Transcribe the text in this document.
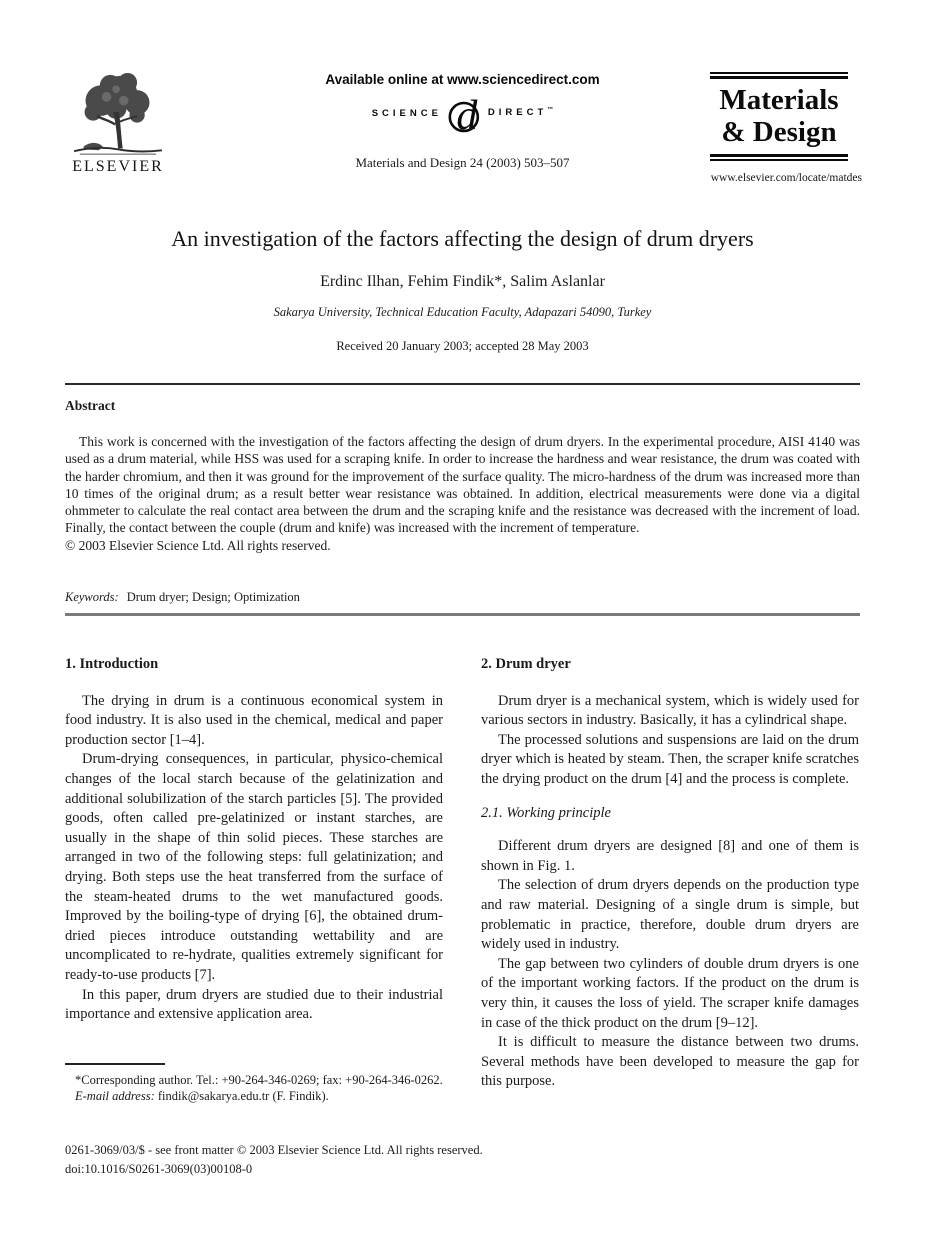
ELSEVIER
Available online at www.sciencedirect.com
SCIENCE d DIRECT™
Materials and Design 24 (2003) 503–507
Materials
& Design
www.elsevier.com/locate/matdes
An investigation of the factors affecting the design of drum dryers
Erdinc Ilhan, Fehim Findik*, Salim Aslanlar
Sakarya University, Technical Education Faculty, Adapazari 54090, Turkey
Received 20 January 2003; accepted 28 May 2003
Abstract
This work is concerned with the investigation of the factors affecting the design of drum dryers. In the experimental procedure, AISI 4140 was used as a drum material, while HSS was used for a scraping knife. In order to increase the hardness and wear resistance, the drum was coated with the harder chromium, and then it was ground for the improvement of the surface quality. The micro-hardness of the drum was increased more than 10 times of the original drum; as a result better wear resistance was obtained. In addition, electrical measurements were done via a digital ohmmeter to calculate the real contact area between the drum and the scraping knife and the resistance was decreased with the increment of load. Finally, the contact between the couple (drum and knife) was increased with the increment of temperature.
© 2003 Elsevier Science Ltd. All rights reserved.
Keywords: Drum dryer; Design; Optimization
1. Introduction

The drying in drum is a continuous economical system in food industry. It is also used in the chemical, medical and paper production sector [1–4].

Drum-drying consequences, in particular, physico-chemical changes of the local starch because of the gelatinization and additional solubilization of the starch particles [5]. The provided goods, often called pre-gelatinized or instant starches, are usually in the shape of thin solid pieces. These starches are arranged in two of the following steps: full gelatinization; and drying. Both steps use the heat transferred from the surface of the steam-heated drums to the wet manufactured goods. Improved by the boiling-type of drying [6], the obtained drum-dried pieces introduce outstanding wettability and are uncomplicated to re-hydrate, qualities extremely significant for ready-to-use products [7].

In this paper, drum dryers are studied due to their industrial importance and extensive application area.

2. Drum dryer

Drum dryer is a mechanical system, which is widely used for various sectors in industry. Basically, it has a cylindrical shape.

The processed solutions and suspensions are laid on the drum dryer which is heated by steam. Then, the scraper knife scratches the drying product on the drum [4] and the process is complete.

2.1. Working principle

Different drum dryers are designed [8] and one of them is shown in Fig. 1.

The selection of drum dryers depends on the production type and raw material. Designing of a single drum is simple, but problematic in practice, therefore, double drum dryers are widely used in industry.

The gap between two cylinders of double drum dryers is one of the important working factors. If the product on the drum is very thin, it causes the loss of yield. The scraper knife damages in case of the thick product on the drum [9–12].

It is difficult to measure the distance between two drums. Several methods have been developed to measure the gap for this purpose.

*Corresponding author. Tel.: +90-264-346-0269; fax: +90-264-346-0262.
E-mail address: findik@sakarya.edu.tr (F. Findik).
0261-3069/03/$ - see front matter © 2003 Elsevier Science Ltd. All rights reserved.
doi:10.1016/S0261-3069(03)00108-0
